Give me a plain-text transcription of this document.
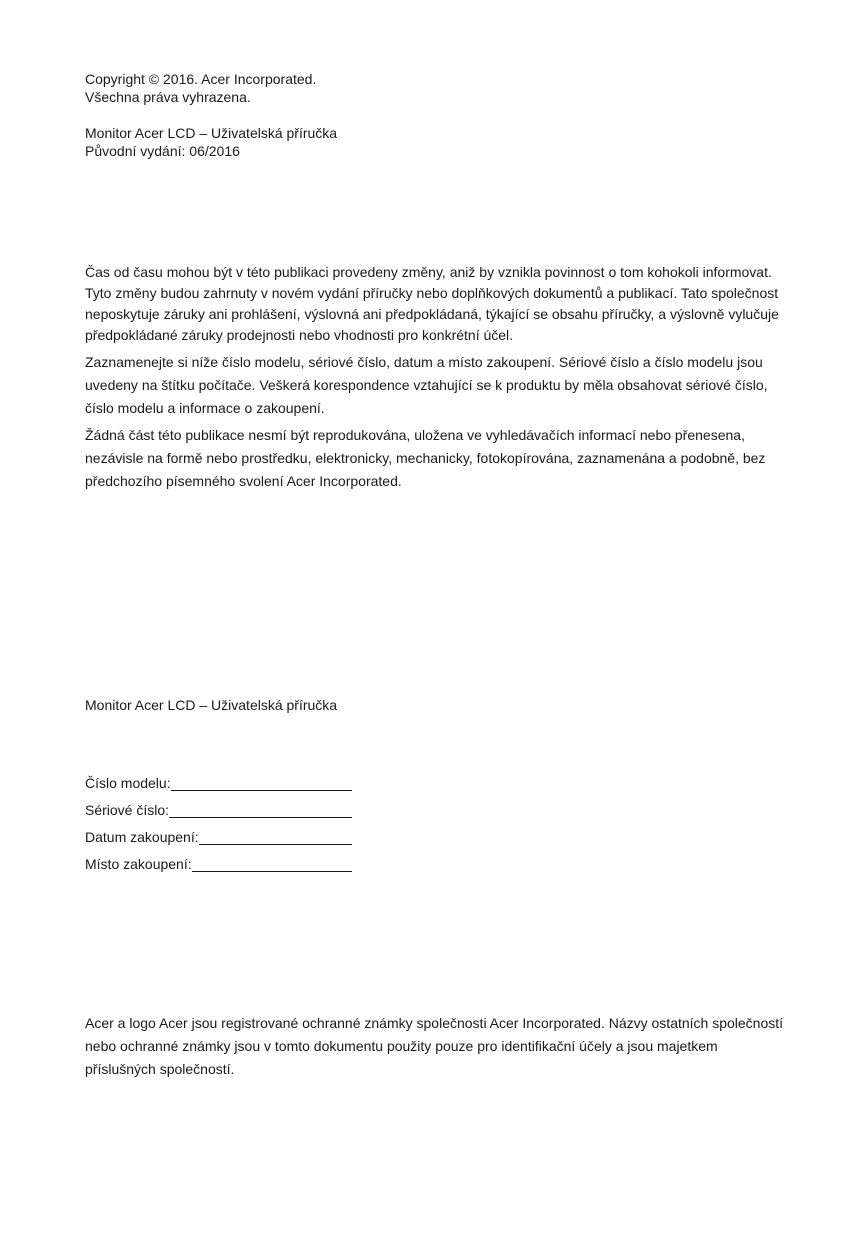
Copyright © 2016. Acer Incorporated.
Všechna práva vyhrazena.
Monitor Acer LCD – Uživatelská příručka
Původní vydání: 06/2016

Čas od času mohou být v této publikaci provedeny změny, aniž by vznikla povinnost o tom kohokoli informovat. Tyto změny budou zahrnuty v novém vydání příručky nebo doplňkových dokumentů a publikací. Tato společnost neposkytuje záruky ani prohlášení, výslovná ani předpokládaná, týkající se obsahu příručky, a výslovně vylučuje předpokládané záruky prodejnosti nebo vhodnosti pro konkrétní účel.

Zaznamenejte si níže číslo modelu, sériové číslo, datum a místo zakoupení. Sériové číslo a číslo modelu jsou uvedeny na štítku počítače. Veškerá korespondence vztahující se k produktu by měla obsahovat sériové číslo, číslo modelu a informace o zakoupení.

Žádná část této publikace nesmí být reprodukována, uložena ve vyhledávačích informací nebo přenesena, nezávisle na formě nebo prostředku, elektronicky, mechanicky, fotokopírována, zaznamenána a podobně, bez předchozího písemného svolení Acer Incorporated.

Monitor Acer LCD – Uživatelská příručka
Číslo modelu:
Sériové číslo:
Datum zakoupení:
Místo zakoupení:

Acer a logo Acer jsou registrované ochranné známky společnosti Acer Incorporated. Názvy ostatních společností nebo ochranné známky jsou v tomto dokumentu použity pouze pro identifikační účely a jsou majetkem příslušných společností.
